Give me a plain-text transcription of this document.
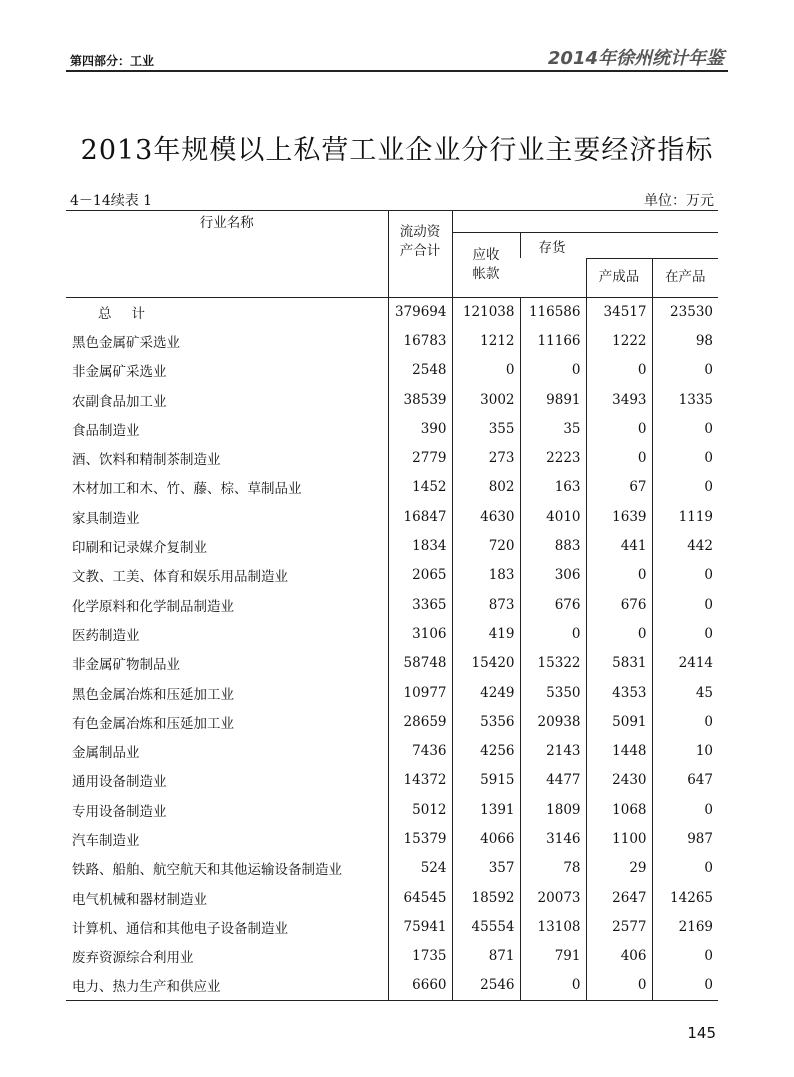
第四部分：工业	2014年徐州统计年鉴
2013年规模以上私营工业企业分行业主要经济指标
4－14续表 1	单位：万元

行业名称	流动资产合计				

		应收帐款	存货		
				产成品	在产品
总计	379694	121038	116586	34517	23530
黑色金属矿采选业	16783	1212	11166	1222	98
非金属矿采选业	2548	0	0	0	0
农副食品加工业	38539	3002	9891	3493	1335
食品制造业	390	355	35	0	0
酒、饮料和精制茶制造业	2779	273	2223	0	0
木材加工和木、竹、藤、棕、草制品业	1452	802	163	67	0
家具制造业	16847	4630	4010	1639	1119
印刷和记录媒介复制业	1834	720	883	441	442
文教、工美、体育和娱乐用品制造业	2065	183	306	0	0
化学原料和化学制品制造业	3365	873	676	676	0
医药制造业	3106	419	0	0	0
非金属矿物制品业	58748	15420	15322	5831	2414
黑色金属冶炼和压延加工业	10977	4249	5350	4353	45
有色金属冶炼和压延加工业	28659	5356	20938	5091	0
金属制品业	7436	4256	2143	1448	10
通用设备制造业	14372	5915	4477	2430	647
专用设备制造业	5012	1391	1809	1068	0
汽车制造业	15379	4066	3146	1100	987
铁路、船舶、航空航天和其他运输设备制造业	524	357	78	29	0
电气机械和器材制造业	64545	18592	20073	2647	14265
计算机、通信和其他电子设备制造业	75941	45554	13108	2577	2169
废弃资源综合利用业	1735	871	791	406	0
电力、热力生产和供应业	6660	2546	0	0	0
145
